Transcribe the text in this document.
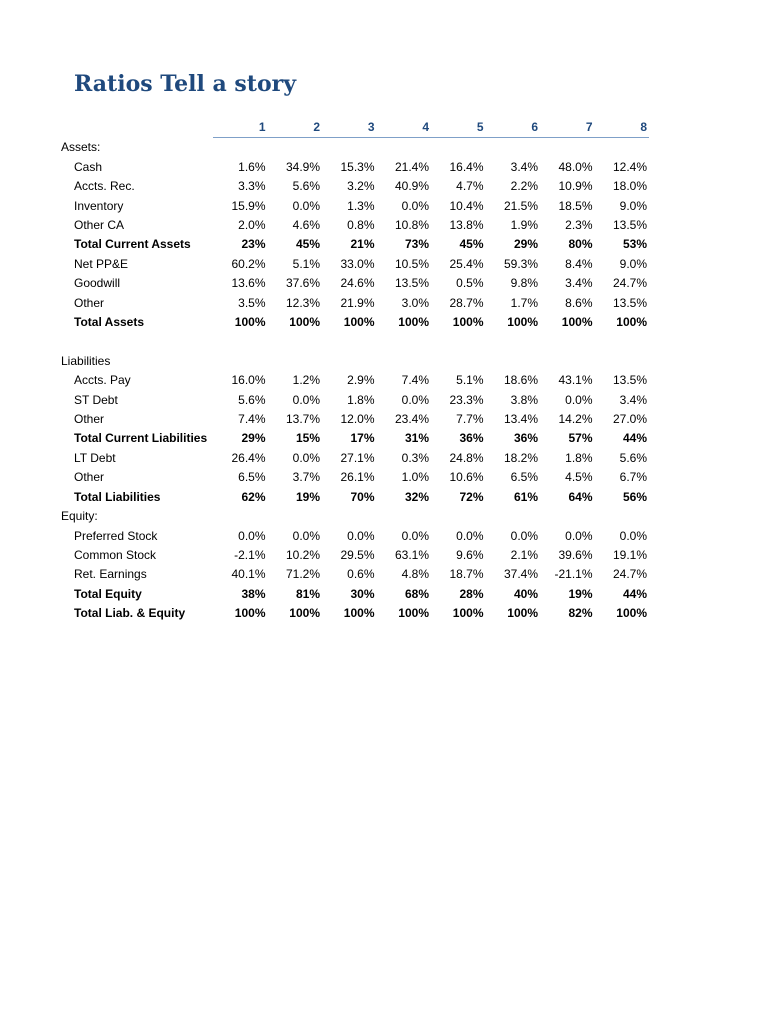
Ratios Tell a story
	1	2	3	4	5	6	7	8
Assets:								
Cash	1.6%	34.9%	15.3%	21.4%	16.4%	3.4%	48.0%	12.4%
Accts. Rec.	3.3%	5.6%	3.2%	40.9%	4.7%	2.2%	10.9%	18.0%
Inventory	15.9%	0.0%	1.3%	0.0%	10.4%	21.5%	18.5%	9.0%
Other CA	2.0%	4.6%	0.8%	10.8%	13.8%	1.9%	2.3%	13.5%
Total Current Assets	23%	45%	21%	73%	45%	29%	80%	53%
Net PP&E	60.2%	5.1%	33.0%	10.5%	25.4%	59.3%	8.4%	9.0%
Goodwill	13.6%	37.6%	24.6%	13.5%	0.5%	9.8%	3.4%	24.7%
Other	3.5%	12.3%	21.9%	3.0%	28.7%	1.7%	8.6%	13.5%
Total Assets	100%	100%	100%	100%	100%	100%	100%	100%

Liabilities								
Accts. Pay	16.0%	1.2%	2.9%	7.4%	5.1%	18.6%	43.1%	13.5%
ST Debt	5.6%	0.0%	1.8%	0.0%	23.3%	3.8%	0.0%	3.4%
Other	7.4%	13.7%	12.0%	23.4%	7.7%	13.4%	14.2%	27.0%
Total Current Liabilities	29%	15%	17%	31%	36%	36%	57%	44%
LT Debt	26.4%	0.0%	27.1%	0.3%	24.8%	18.2%	1.8%	5.6%
Other	6.5%	3.7%	26.1%	1.0%	10.6%	6.5%	4.5%	6.7%
Total Liabilities	62%	19%	70%	32%	72%	61%	64%	56%
Equity:								
Preferred Stock	0.0%	0.0%	0.0%	0.0%	0.0%	0.0%	0.0%	0.0%
Common Stock	-2.1%	10.2%	29.5%	63.1%	9.6%	2.1%	39.6%	19.1%
Ret. Earnings	40.1%	71.2%	0.6%	4.8%	18.7%	37.4%	-21.1%	24.7%
Total Equity	38%	81%	30%	68%	28%	40%	19%	44%
Total Liab. & Equity	100%	100%	100%	100%	100%	100%	82%	100%
